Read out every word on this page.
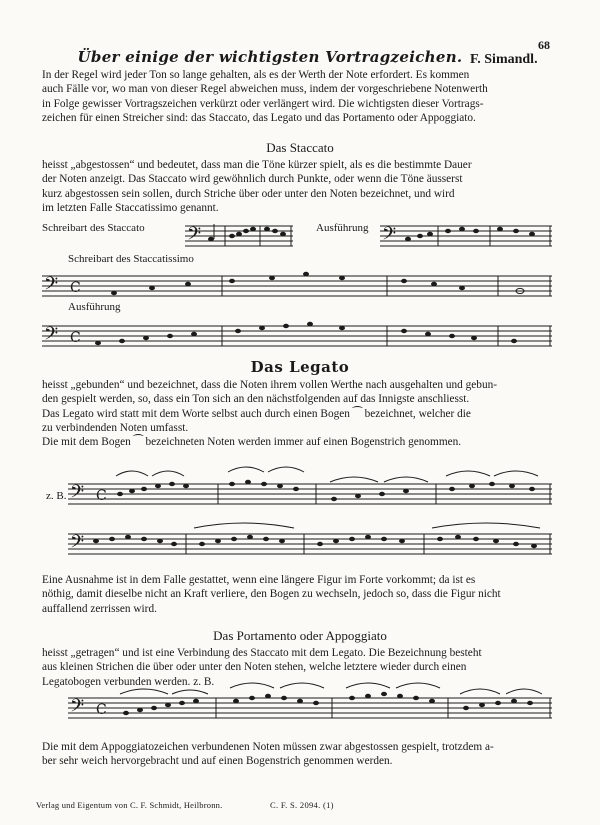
68
Über einige der wichtigsten Vortragzeichen. F. Simandl.
In der Regel wird jeder Ton so lange gehalten, als es der Werth der Note erfordert. Es kommen
auch Fälle vor, wo man von dieser Regel abweichen muss, indem der vorgeschriebene Notenwerth
in Folge gewisser Vortragszeichen verkürzt oder verlängert wird. Die wichtigsten dieser Vortrags-
zeichen für einen Streicher sind: das Staccato, das Legato und das Portamento oder Appoggiato.
Das Staccato
heisst „abgestossen“ und bedeutet, dass man die Töne kürzer spielt, als es die bestimmte Dauer
der Noten anzeigt. Das Staccato wird gewöhnlich durch Punkte, oder wenn die Töne äusserst
kurz abgestossen sein sollen, durch Striche über oder unter den Noten bezeichnet, und wird
im letzten Falle Staccatissimo genannt.
Schreibart des Staccato	Ausführung
𝄢	𝄢
Schreibart des Staccatissimo
𝄢 C
Ausführung
𝄢 C
Das Legato
heisst „gebunden“ und bezeichnet, dass die Noten ihrem vollen Werthe nach ausgehalten und gebun-
den gespielt werden, so, dass ein Ton sich an den nächstfolgenden auf das Innigste anschliesst.
Das Legato wird statt mit dem Worte selbst auch durch einen Bogen ⁀ bezeichnet, welcher die
zu verbindenden Noten umfasst.
Die mit dem Bogen ⁀ bezeichneten Noten werden immer auf einen Bogenstrich genommen.
z. B. 𝄢 C
𝄢
Eine Ausnahme ist in dem Falle gestattet, wenn eine längere Figur im Forte vorkommt; da ist es
nöthig, damit dieselbe nicht an Kraft verliere, den Bogen zu wechseln, jedoch so, dass die Figur nicht
auffallend zerrissen wird.
Das Portamento oder Appoggiato
heisst „getragen“ und ist eine Verbindung des Staccato mit dem Legato. Die Bezeichnung besteht
aus kleinen Strichen die über oder unter den Noten stehen, welche letztere wieder durch einen
Legatobogen verbunden werden. z. B.
𝄢 C
Die mit dem Appoggiatozeichen verbundenen Noten müssen zwar abgestossen gespielt, trotzdem a-
ber sehr weich hervorgebracht und auf einen Bogenstrich genommen werden.
Verlag und Eigentum von C. F. Schmidt, Heilbronn.	C. F. S. 2094. (1)
